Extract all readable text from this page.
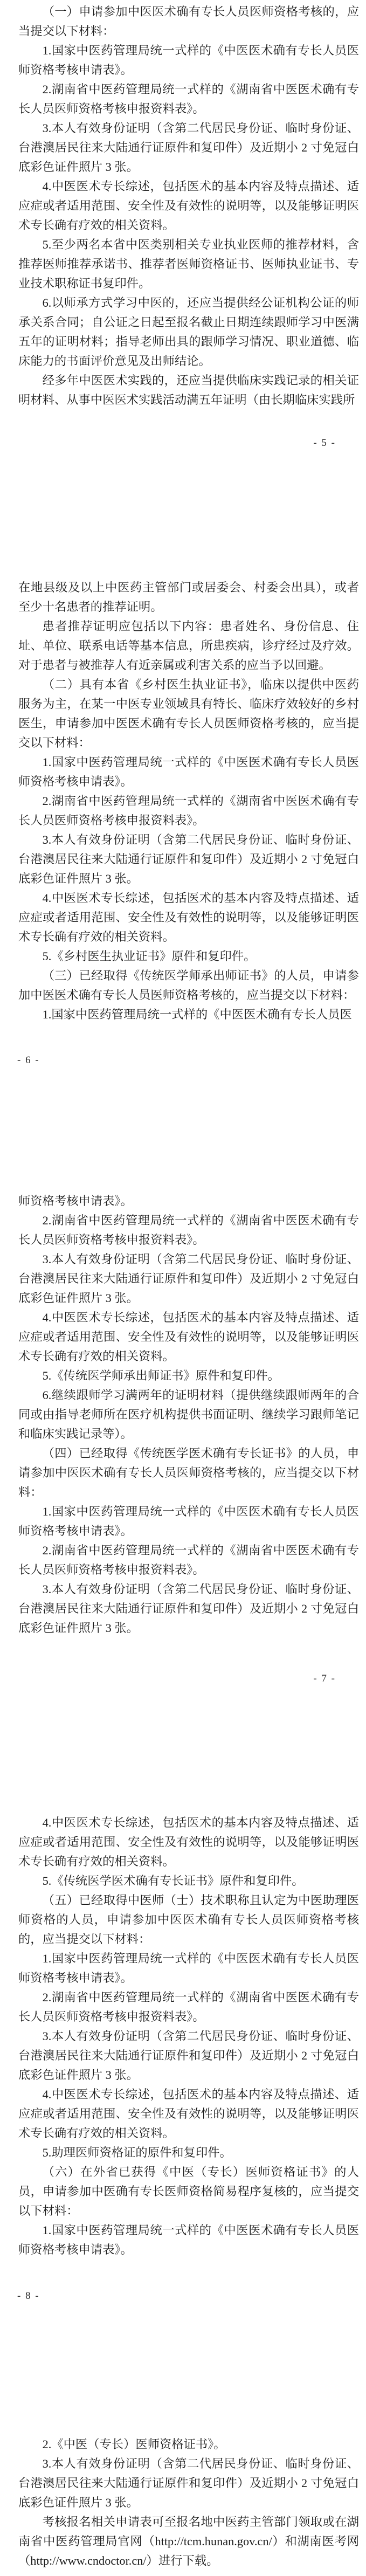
（一）申请参加中医医术确有专长人员医师资格考核的，应当提交以下材料：

1.国家中医药管理局统一式样的《中医医术确有专长人员医师资格考核申请表》。

2.湖南省中医药管理局统一式样的《湖南省中医医术确有专长人员医师资格考核申报资料表》。

3.本人有效身份证明（含第二代居民身份证、临时身份证、台港澳居民往来大陆通行证原件和复印件）及近期小 2 寸免冠白底彩色证件照片 3 张。

4.中医医术专长综述，包括医术的基本内容及特点描述、适应症或者适用范围、安全性及有效性的说明等，以及能够证明医术专长确有疗效的相关资料。

5.至少两名本省中医类别相关专业执业医师的推荐材料，含推荐医师推荐承诺书、推荐者医师资格证书、医师执业证书、专业技术职称证书复印件。

6.以师承方式学习中医的，还应当提供经公证机构公证的师承关系合同；自公证之日起至报名截止日期连续跟师学习中医满五年的证明材料；指导老师出具的跟师学习情况、职业道德、临床能力的书面评价意见及出师结论。

经多年中医医术实践的，还应当提供临床实践记录的相关证明材料、从事中医医术实践活动满五年证明（由长期临床实践所

- 5 -

在地县级及以上中医药主管部门或居委会、村委会出具），或者至少十名患者的推荐证明。

患者推荐证明应包括以下内容：患者姓名、身份信息、住址、单位、联系电话等基本信息，所患疾病，诊疗经过及疗效。对于患者与被推荐人有近亲属或利害关系的应当予以回避。

（二）具有本省《乡村医生执业证书》，临床以提供中医药服务为主，在某一中医专业领域具有特长、临床疗效较好的乡村医生，申请参加中医医术确有专长人员医师资格考核的，应当提交以下材料：

1.国家中医药管理局统一式样的《中医医术确有专长人员医师资格考核申请表》。

2.湖南省中医药管理局统一式样的《湖南省中医医术确有专长人员医师资格考核申报资料表》。

3.本人有效身份证明（含第二代居民身份证、临时身份证、台港澳居民往来大陆通行证原件和复印件）及近期小 2 寸免冠白底彩色证件照片 3 张。

4.中医医术专长综述，包括医术的基本内容及特点描述、适应症或者适用范围、安全性及有效性的说明等，以及能够证明医术专长确有疗效的相关资料。

5.《乡村医生执业证书》原件和复印件。

（三）已经取得《传统医学师承出师证书》的人员，申请参加中医医术确有专长人员医师资格考核的，应当提交以下材料：

1.国家中医药管理局统一式样的《中医医术确有专长人员医

- 6 -

师资格考核申请表》。

2.湖南省中医药管理局统一式样的《湖南省中医医术确有专长人员医师资格考核申报资料表》。

3.本人有效身份证明（含第二代居民身份证、临时身份证、台港澳居民往来大陆通行证原件和复印件）及近期小 2 寸免冠白底彩色证件照片 3 张。

4.中医医术专长综述，包括医术的基本内容及特点描述、适应症或者适用范围、安全性及有效性的说明等，以及能够证明医术专长确有疗效的相关资料。

5.《传统医学师承出师证书》原件和复印件。

6.继续跟师学习满两年的证明材料（提供继续跟师两年的合同或由指导老师所在医疗机构提供书面证明、继续学习跟师笔记和临床实践记录等）。

（四）已经取得《传统医学医术确有专长证书》的人员，申请参加中医医术确有专长人员医师资格考核的，应当提交以下材料：

1.国家中医药管理局统一式样的《中医医术确有专长人员医师资格考核申请表》。

2.湖南省中医药管理局统一式样的《湖南省中医医术确有专长人员医师资格考核申报资料表》。

3.本人有效身份证明（含第二代居民身份证、临时身份证、台港澳居民往来大陆通行证原件和复印件）及近期小 2 寸免冠白底彩色证件照片 3 张。

- 7 -

4.中医医术专长综述，包括医术的基本内容及特点描述、适应症或者适用范围、安全性及有效性的说明等，以及能够证明医术专长确有疗效的相关资料。

5.《传统医学医术确有专长证书》原件和复印件。

（五）已经取得中医师（士）技术职称且认定为中医助理医师资格的人员，申请参加中医医术确有专长人员医师资格考核的，应当提交以下材料：

1.国家中医药管理局统一式样的《中医医术确有专长人员医师资格考核申请表》。

2.湖南省中医药管理局统一式样的《湖南省中医医术确有专长人员医师资格考核申报资料表》。

3.本人有效身份证明（含第二代居民身份证、临时身份证、台港澳居民往来大陆通行证原件和复印件）及近期小 2 寸免冠白底彩色证件照片 3 张。

4.中医医术专长综述，包括医术的基本内容及特点描述、适应症或者适用范围、安全性及有效性的说明等，以及能够证明医术专长确有疗效的相关资料。

5.助理医师资格证的原件和复印件。

（六）在外省已获得《中医（专长）医师资格证书》的人员，申请参加中医确有专长医师资格简易程序复核的，应当提交以下材料：

1.国家中医药管理局统一式样的《中医医术确有专长人员医师资格考核申请表》。

- 8 -

2.《中医（专长）医师资格证书》。

3.本人有效身份证明（含第二代居民身份证、临时身份证、台港澳居民往来大陆通行证原件和复印件）及近期小 2 寸免冠白底彩色证件照片 3 张。

考核报名相关申请表可至报名地中医药主管部门领取或在湖南省中医药管理局官网（http://tcm.hunan.gov.cn/）和湖南医考网（http://www.cndoctor.cn/）进行下载。
